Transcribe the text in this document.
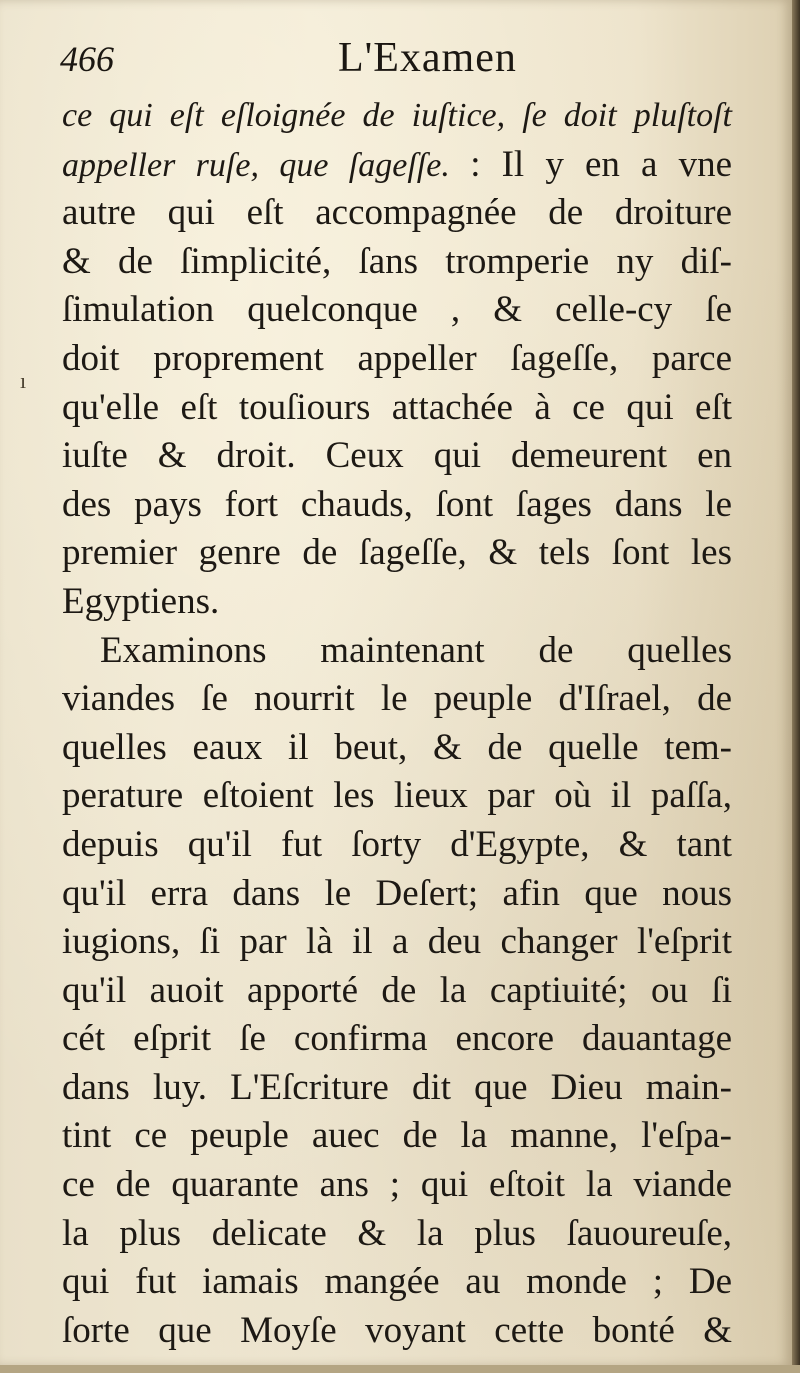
466	L'Examen
ı
ce qui eſt eſloignée de iuſtice, ſe doit pluſtoſt
appeller ruſe, que ſageſſe. : Il y en a vne
autre qui eſt accompagnée de droiture
& de ſimplicité, ſans tromperie ny diſ-
ſimulation quelconque , & celle-cy ſe
doit proprement appeller ſageſſe, parce
qu'elle eſt touſiours attachée à ce qui eſt
iuſte & droit. Ceux qui demeurent en
des pays fort chauds, ſont ſages dans le
premier genre de ſageſſe, & tels ſont les
Egyptiens.
Examinons maintenant de quelles
viandes ſe nourrit le peuple d'Iſrael, de
quelles eaux il beut, & de quelle tem-
perature eſtoient les lieux par où il paſſa,
depuis qu'il fut ſorty d'Egypte, & tant
qu'il erra dans le Deſert; afin que nous
iugions, ſi par là il a deu changer l'eſprit
qu'il auoit apporté de la captiuité; ou ſi
cét eſprit ſe confirma encore dauantage
dans luy. L'Eſcriture dit que Dieu main-
tint ce peuple auec de la manne, l'eſpa-
ce de quarante ans ; qui eſtoit la viande
la plus delicate & la plus ſauoureuſe,
qui fut iamais mangée au monde ; De
ſorte que Moyſe voyant cette bonté &
